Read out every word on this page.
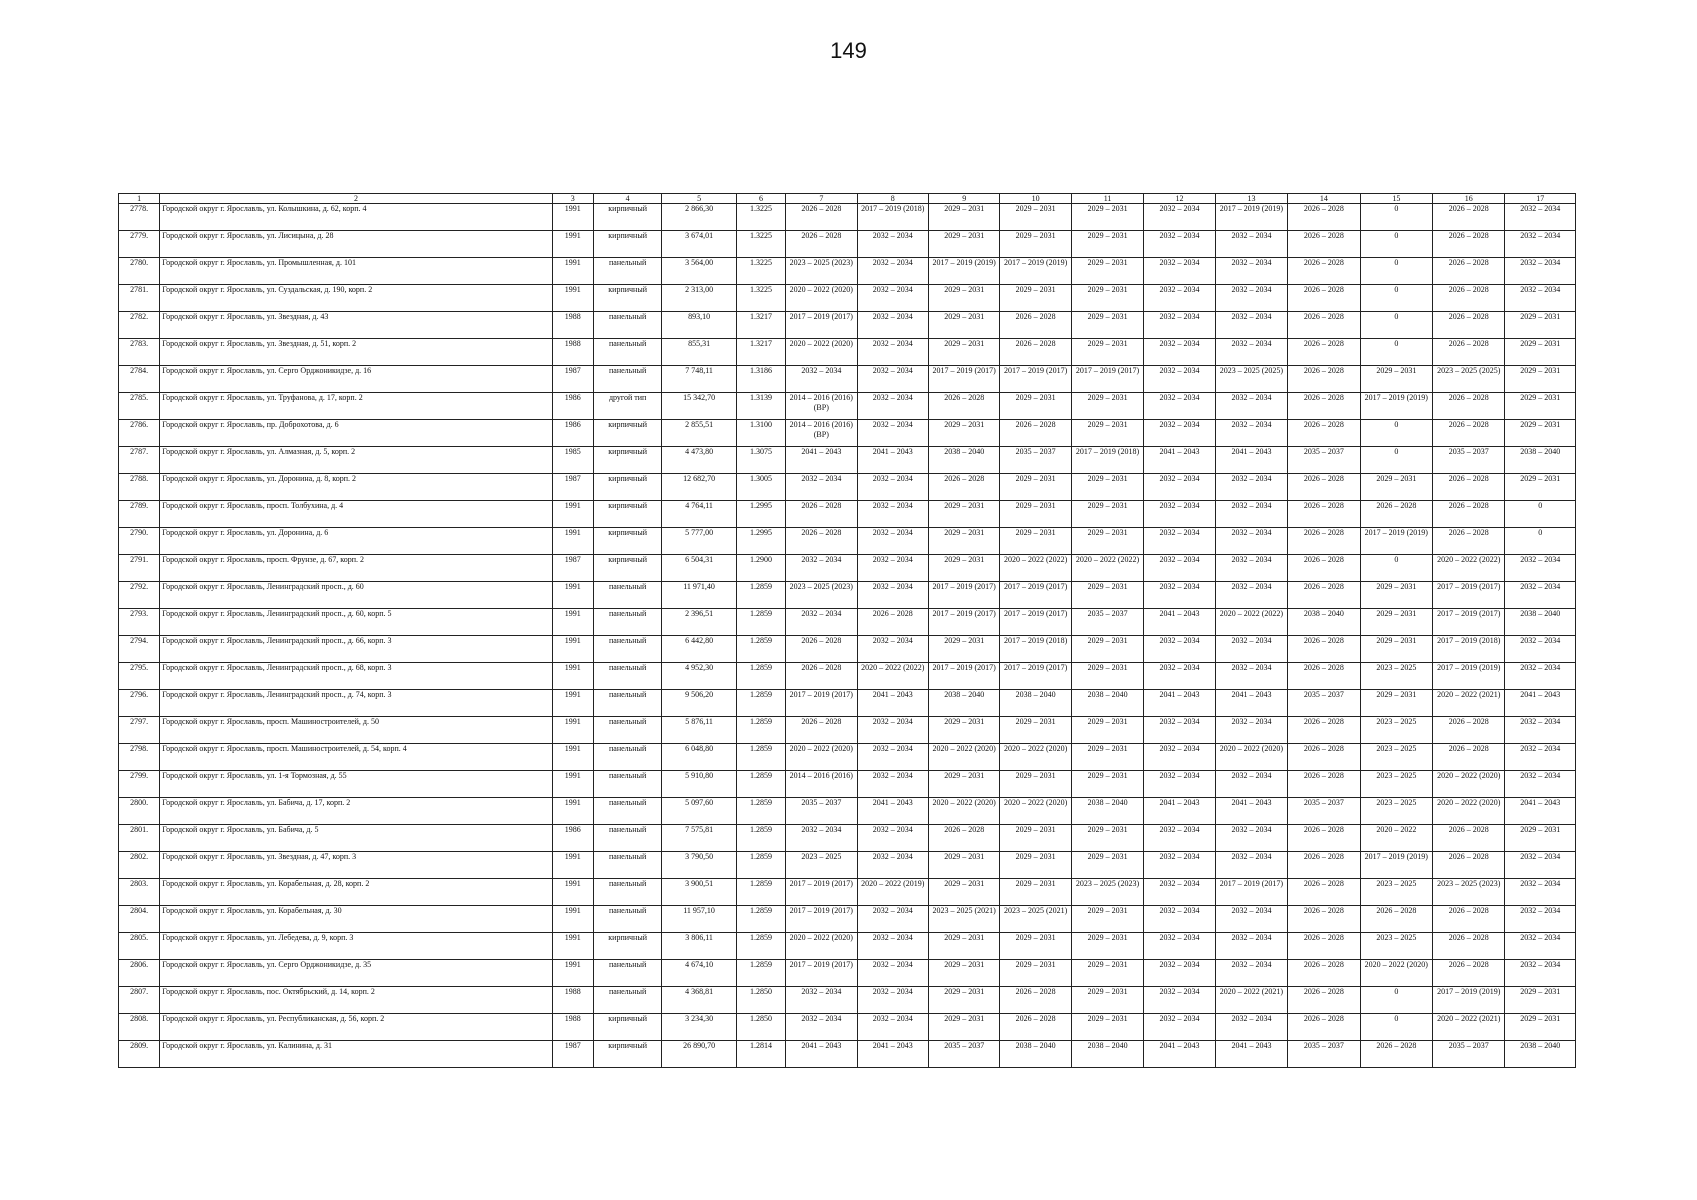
149
1	2	3	4	5	6	7	8	9	10	11	12	13	14	15	16	17
2778.	Городской округ г. Ярославль, ул. Колышкина, д. 62, корп. 4	1991	кирпичный	2 866,30	1.3225	2026 – 2028	2017 – 2019 (2018)	2029 – 2031	2029 – 2031	2029 – 2031	2032 – 2034	2017 – 2019 (2019)	2026 – 2028	0	2026 – 2028	2032 – 2034
2779.	Городской округ г. Ярославль, ул. Лисицына, д. 28	1991	кирпичный	3 674,01	1.3225	2026 – 2028	2032 – 2034	2029 – 2031	2029 – 2031	2029 – 2031	2032 – 2034	2032 – 2034	2026 – 2028	0	2026 – 2028	2032 – 2034
2780.	Городской округ г. Ярославль, ул. Промышленная, д. 101	1991	панельный	3 564,00	1.3225	2023 – 2025 (2023)	2032 – 2034	2017 – 2019 (2019)	2017 – 2019 (2019)	2029 – 2031	2032 – 2034	2032 – 2034	2026 – 2028	0	2026 – 2028	2032 – 2034
2781.	Городской округ г. Ярославль, ул. Суздальская, д. 190, корп. 2	1991	кирпичный	2 313,00	1.3225	2020 – 2022 (2020)	2032 – 2034	2029 – 2031	2029 – 2031	2029 – 2031	2032 – 2034	2032 – 2034	2026 – 2028	0	2026 – 2028	2032 – 2034
2782.	Городской округ г. Ярославль, ул. Звездная, д. 43	1988	панельный	893,10	1.3217	2017 – 2019 (2017)	2032 – 2034	2029 – 2031	2026 – 2028	2029 – 2031	2032 – 2034	2032 – 2034	2026 – 2028	0	2026 – 2028	2029 – 2031
2783.	Городской округ г. Ярославль, ул. Звездная, д. 51, корп. 2	1988	панельный	855,31	1.3217	2020 – 2022 (2020)	2032 – 2034	2029 – 2031	2026 – 2028	2029 – 2031	2032 – 2034	2032 – 2034	2026 – 2028	0	2026 – 2028	2029 – 2031
2784.	Городской округ г. Ярославль, ул. Серго Орджоникидзе, д. 16	1987	панельный	7 748,11	1.3186	2032 – 2034	2032 – 2034	2017 – 2019 (2017)	2017 – 2019 (2017)	2017 – 2019 (2017)	2032 – 2034	2023 – 2025 (2025)	2026 – 2028	2029 – 2031	2023 – 2025 (2025)	2029 – 2031
2785.	Городской округ г. Ярославль, ул. Труфанова, д. 17, корп. 2	1986	другой тип	15 342,70	1.3139	2014 – 2016 (2016) (ВР)	2032 – 2034	2026 – 2028	2029 – 2031	2029 – 2031	2032 – 2034	2032 – 2034	2026 – 2028	2017 – 2019 (2019)	2026 – 2028	2029 – 2031
2786.	Городской округ г. Ярославль, пр. Доброхотова, д. 6	1986	кирпичный	2 855,51	1.3100	2014 – 2016 (2016) (ВР)	2032 – 2034	2029 – 2031	2026 – 2028	2029 – 2031	2032 – 2034	2032 – 2034	2026 – 2028	0	2026 – 2028	2029 – 2031
2787.	Городской округ г. Ярославль, ул. Алмазная, д. 5, корп. 2	1985	кирпичный	4 473,80	1.3075	2041 – 2043	2041 – 2043	2038 – 2040	2035 – 2037	2017 – 2019 (2018)	2041 – 2043	2041 – 2043	2035 – 2037	0	2035 – 2037	2038 – 2040
2788.	Городской округ г. Ярославль, ул. Доронина, д. 8, корп. 2	1987	кирпичный	12 682,70	1.3005	2032 – 2034	2032 – 2034	2026 – 2028	2029 – 2031	2029 – 2031	2032 – 2034	2032 – 2034	2026 – 2028	2029 – 2031	2026 – 2028	2029 – 2031
2789.	Городской округ г. Ярославль, просп. Толбухина, д. 4	1991	кирпичный	4 764,11	1.2995	2026 – 2028	2032 – 2034	2029 – 2031	2029 – 2031	2029 – 2031	2032 – 2034	2032 – 2034	2026 – 2028	2026 – 2028	2026 – 2028	0
2790.	Городской округ г. Ярославль, ул. Доронина, д. 6	1991	кирпичный	5 777,00	1.2995	2026 – 2028	2032 – 2034	2029 – 2031	2029 – 2031	2029 – 2031	2032 – 2034	2032 – 2034	2026 – 2028	2017 – 2019 (2019)	2026 – 2028	0
2791.	Городской округ г. Ярославль, просп. Фрунзе, д. 67, корп. 2	1987	кирпичный	6 504,31	1.2900	2032 – 2034	2032 – 2034	2029 – 2031	2020 – 2022 (2022)	2020 – 2022 (2022)	2032 – 2034	2032 – 2034	2026 – 2028	0	2020 – 2022 (2022)	2032 – 2034
2792.	Городской округ г. Ярославль, Ленинградский просп., д. 60	1991	панельный	11 971,40	1.2859	2023 – 2025 (2023)	2032 – 2034	2017 – 2019 (2017)	2017 – 2019 (2017)	2029 – 2031	2032 – 2034	2032 – 2034	2026 – 2028	2029 – 2031	2017 – 2019 (2017)	2032 – 2034
2793.	Городской округ г. Ярославль, Ленинградский просп., д. 60, корп. 5	1991	панельный	2 396,51	1.2859	2032 – 2034	2026 – 2028	2017 – 2019 (2017)	2017 – 2019 (2017)	2035 – 2037	2041 – 2043	2020 – 2022 (2022)	2038 – 2040	2029 – 2031	2017 – 2019 (2017)	2038 – 2040
2794.	Городской округ г. Ярославль, Ленинградский просп., д. 66, корп. 3	1991	панельный	6 442,80	1.2859	2026 – 2028	2032 – 2034	2029 – 2031	2017 – 2019 (2018)	2029 – 2031	2032 – 2034	2032 – 2034	2026 – 2028	2029 – 2031	2017 – 2019 (2018)	2032 – 2034
2795.	Городской округ г. Ярославль, Ленинградский просп., д. 68, корп. 3	1991	панельный	4 952,30	1.2859	2026 – 2028	2020 – 2022 (2022)	2017 – 2019 (2017)	2017 – 2019 (2017)	2029 – 2031	2032 – 2034	2032 – 2034	2026 – 2028	2023 – 2025	2017 – 2019 (2019)	2032 – 2034
2796.	Городской округ г. Ярославль, Ленинградский просп., д. 74, корп. 3	1991	панельный	9 506,20	1.2859	2017 – 2019 (2017)	2041 – 2043	2038 – 2040	2038 – 2040	2038 – 2040	2041 – 2043	2041 – 2043	2035 – 2037	2029 – 2031	2020 – 2022 (2021)	2041 – 2043
2797.	Городской округ г. Ярославль, просп. Машиностроителей, д. 50	1991	панельный	5 876,11	1.2859	2026 – 2028	2032 – 2034	2029 – 2031	2029 – 2031	2029 – 2031	2032 – 2034	2032 – 2034	2026 – 2028	2023 – 2025	2026 – 2028	2032 – 2034
2798.	Городской округ г. Ярославль, просп. Машиностроителей, д. 54, корп. 4	1991	панельный	6 048,80	1.2859	2020 – 2022 (2020)	2032 – 2034	2020 – 2022 (2020)	2020 – 2022 (2020)	2029 – 2031	2032 – 2034	2020 – 2022 (2020)	2026 – 2028	2023 – 2025	2026 – 2028	2032 – 2034
2799.	Городской округ г. Ярославль, ул. 1-я Тормозная, д. 55	1991	панельный	5 910,80	1.2859	2014 – 2016 (2016)	2032 – 2034	2029 – 2031	2029 – 2031	2029 – 2031	2032 – 2034	2032 – 2034	2026 – 2028	2023 – 2025	2020 – 2022 (2020)	2032 – 2034
2800.	Городской округ г. Ярославль, ул. Бабича, д. 17, корп. 2	1991	панельный	5 097,60	1.2859	2035 – 2037	2041 – 2043	2020 – 2022 (2020)	2020 – 2022 (2020)	2038 – 2040	2041 – 2043	2041 – 2043	2035 – 2037	2023 – 2025	2020 – 2022 (2020)	2041 – 2043
2801.	Городской округ г. Ярославль, ул. Бабича, д. 5	1986	панельный	7 575,81	1.2859	2032 – 2034	2032 – 2034	2026 – 2028	2029 – 2031	2029 – 2031	2032 – 2034	2032 – 2034	2026 – 2028	2020 – 2022	2026 – 2028	2029 – 2031
2802.	Городской округ г. Ярославль, ул. Звездная, д. 47, корп. 3	1991	панельный	3 790,50	1.2859	2023 – 2025	2032 – 2034	2029 – 2031	2029 – 2031	2029 – 2031	2032 – 2034	2032 – 2034	2026 – 2028	2017 – 2019 (2019)	2026 – 2028	2032 – 2034
2803.	Городской округ г. Ярославль, ул. Корабельная, д. 28, корп. 2	1991	панельный	3 900,51	1.2859	2017 – 2019 (2017)	2020 – 2022 (2019)	2029 – 2031	2029 – 2031	2023 – 2025 (2023)	2032 – 2034	2017 – 2019 (2017)	2026 – 2028	2023 – 2025	2023 – 2025 (2023)	2032 – 2034
2804.	Городской округ г. Ярославль, ул. Корабельная, д. 30	1991	панельный	11 957,10	1.2859	2017 – 2019 (2017)	2032 – 2034	2023 – 2025 (2021)	2023 – 2025 (2021)	2029 – 2031	2032 – 2034	2032 – 2034	2026 – 2028	2026 – 2028	2026 – 2028	2032 – 2034
2805.	Городской округ г. Ярославль, ул. Лебедева, д. 9, корп. 3	1991	кирпичный	3 806,11	1.2859	2020 – 2022 (2020)	2032 – 2034	2029 – 2031	2029 – 2031	2029 – 2031	2032 – 2034	2032 – 2034	2026 – 2028	2023 – 2025	2026 – 2028	2032 – 2034
2806.	Городской округ г. Ярославль, ул. Серго Орджоникидзе, д. 35	1991	панельный	4 674,10	1.2859	2017 – 2019 (2017)	2032 – 2034	2029 – 2031	2029 – 2031	2029 – 2031	2032 – 2034	2032 – 2034	2026 – 2028	2020 – 2022 (2020)	2026 – 2028	2032 – 2034
2807.	Городской округ г. Ярославль, пос. Октябрьский, д. 14, корп. 2	1988	панельный	4 368,81	1.2850	2032 – 2034	2032 – 2034	2029 – 2031	2026 – 2028	2029 – 2031	2032 – 2034	2020 – 2022 (2021)	2026 – 2028	0	2017 – 2019 (2019)	2029 – 2031
2808.	Городской округ г. Ярославль, ул. Республиканская, д. 56, корп. 2	1988	кирпичный	3 234,30	1.2850	2032 – 2034	2032 – 2034	2029 – 2031	2026 – 2028	2029 – 2031	2032 – 2034	2032 – 2034	2026 – 2028	0	2020 – 2022 (2021)	2029 – 2031
2809.	Городской округ г. Ярославль, ул. Калинина, д. 31	1987	кирпичный	26 890,70	1.2814	2041 – 2043	2041 – 2043	2035 – 2037	2038 – 2040	2038 – 2040	2041 – 2043	2041 – 2043	2035 – 2037	2026 – 2028	2035 – 2037	2038 – 2040
